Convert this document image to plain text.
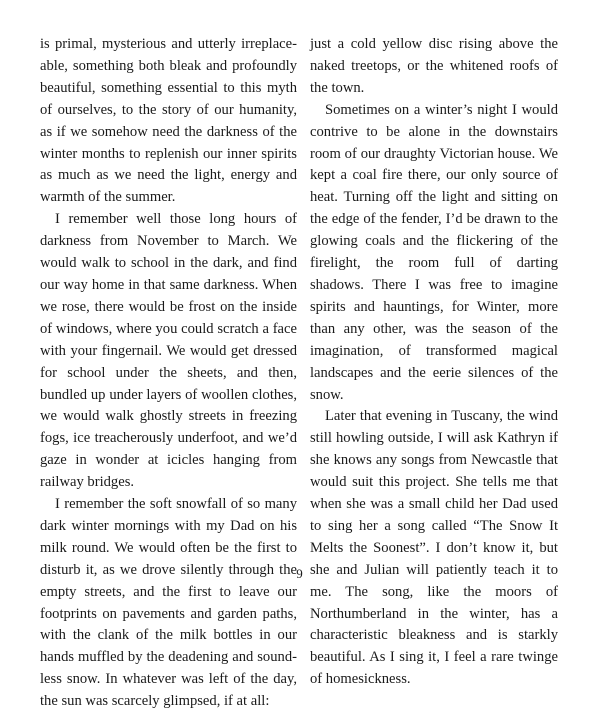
is primal, mysterious and utterly irreplaceable, something both bleak and profoundly beautiful, something essential to this myth of ourselves, to the story of our humanity, as if we somehow need the darkness of the winter months to replenish our inner spirits as much as we need the light, energy and warmth of the summer.

I remember well those long hours of darkness from November to March. We would walk to school in the dark, and find our way home in that same darkness. When we rose, there would be frost on the inside of windows, where you could scratch a face with your fingernail. We would get dressed for school under the sheets, and then, bundled up under layers of woollen clothes, we would walk ghostly streets in freezing fogs, ice treacherously underfoot, and we’d gaze in wonder at icicles hanging from railway bridges.

I remember the soft snowfall of so many dark winter mornings with my Dad on his milk round. We would often be the first to disturb it, as we drove silently through the empty streets, and the first to leave our footprints on pavements and garden paths, with the clank of the milk bottles in our hands muffled by the deadening and soundless snow. In whatever was left of the day, the sun was scarcely glimpsed, if at all:

just a cold yellow disc rising above the naked treetops, or the whitened roofs of the town.

Sometimes on a winter’s night I would contrive to be alone in the downstairs room of our draughty Victorian house. We kept a coal fire there, our only source of heat. Turning off the light and sitting on the edge of the fender, I’d be drawn to the glowing coals and the flickering of the firelight, the room full of darting shadows. There I was free to imagine spirits and hauntings, for Winter, more than any other, was the season of the imagination, of transformed magical landscapes and the eerie silences of the snow.

Later that evening in Tuscany, the wind still howling outside, I will ask Kathryn if she knows any songs from Newcastle that would suit this project. She tells me that when she was a small child her Dad used to sing her a song called “The Snow It Melts the Soonest”. I don’t know it, but she and Julian will patiently teach it to me. The song, like the moors of Northumberland in the winter, has a characteristic bleakness and is starkly beautiful. As I sing it, I feel a rare twinge of homesickness.

9
